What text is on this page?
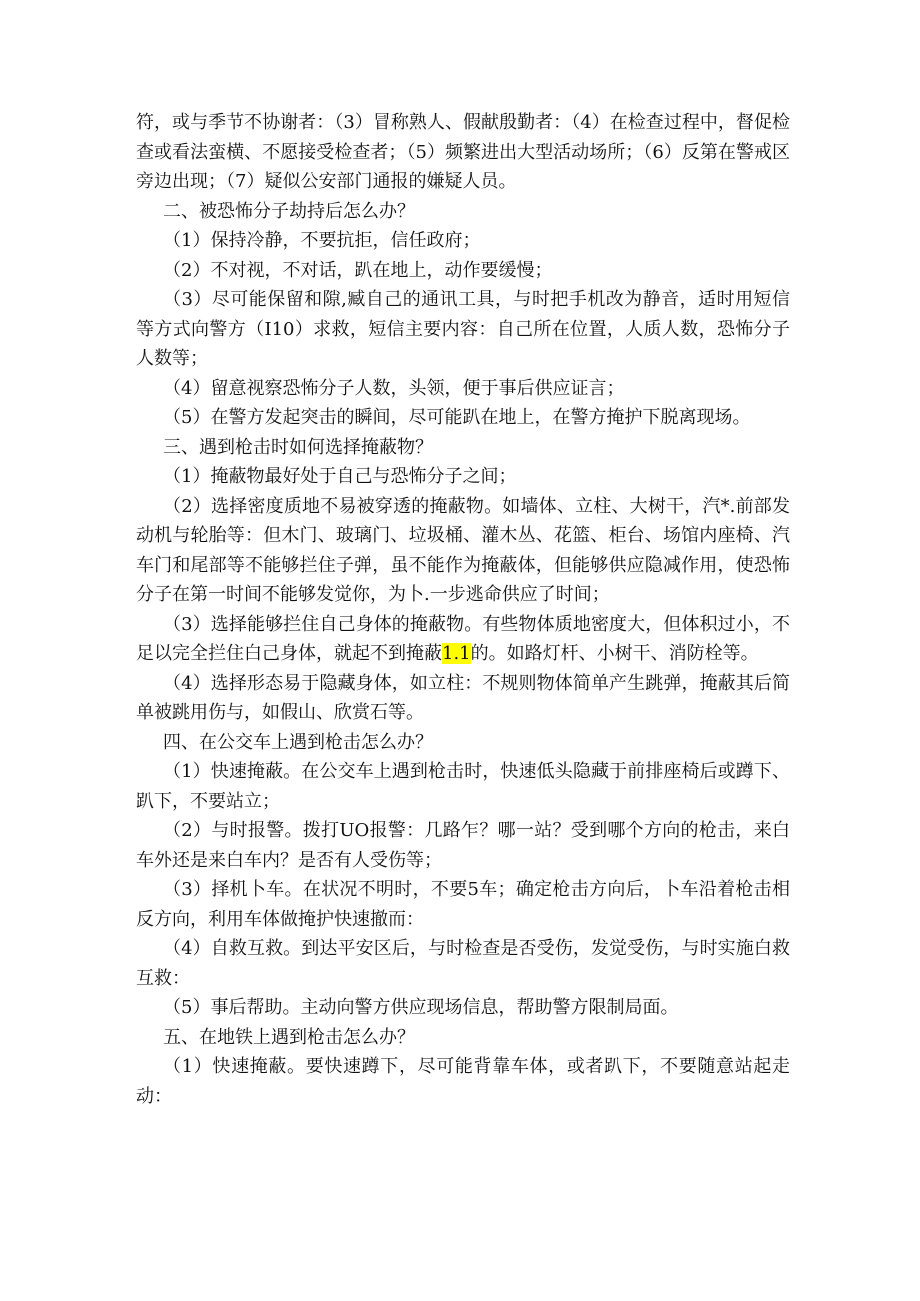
符，或与季节不协谢者：（3）冒称熟人、假献殷勤者：（4）在检查过程中，督促检查或看法蛮横、不愿接受检查者；（5）频繁进出大型活动场所；（6）反第在警戒区旁边出现；（7）疑似公安部门通报的嫌疑人员。

二、被恐怖分子劫持后怎么办？

（1）保持冷静，不要抗拒，信任政府；

（2）不对视，不对话，趴在地上，动作要缓慢；

（3）尽可能保留和隙,臧自己的通讯工具，与时把手机改为静音，适时用短信等方式向警方（I10）求救，短信主要内容：自己所在位置，人质人数，恐怖分子人数等；

（4）留意视察恐怖分子人数，头领，便于事后供应证言；

（5）在警方发起突击的瞬间，尽可能趴在地上，在警方掩护下脱离现场。

三、遇到枪击时如何选择掩蔽物？

（1）掩蔽物最好处于自己与恐怖分子之间；

（2）选择密度质地不易被穿透的掩蔽物。如墙体、立柱、大树干，汽*.前部发动机与轮胎等：但木门、玻璃门、垃圾桶、灌木丛、花篮、柜台、场馆内座椅、汽车门和尾部等不能够拦住子弹，虽不能作为掩蔽体，但能够供应隐减作用，使恐怖分子在第一时间不能够发觉你，为卜.一步逃命供应了时间；

（3）选择能够拦住自己身体的掩蔽物。有些物体质地密度大，但体积过小，不足以完全拦住白己身体，就起不到掩蔽1.1的。如路灯杆、小树干、消防栓等。

（4）选择形态易于隐藏身体，如立柱：不规则物体简单产生跳弹，掩蔽其后简单被跳用伤与，如假山、欣赏石等。

四、在公交车上遇到枪击怎么办？

（1）快速掩蔽。在公交车上遇到枪击时，快速低头隐藏于前排座椅后或蹲下、趴下，不要站立；

（2）与时报警。拨打UO报警：几路乍？哪一站？受到哪个方向的枪击，来白车外还是来白车内？是否有人受伤等；

（3）择机卜车。在状况不明时，不要5车；确定枪击方向后，卜车沿着枪击相反方向，利用车体做掩护快速撤而：

（4）自救互救。到达平安区后，与时检查是否受伤，发觉受伤，与时实施白救互救：

（5）事后帮助。主动向警方供应现场信息，帮助警方限制局面。

五、在地铁上遇到枪击怎么办？

（1）快速掩蔽。要快速蹲下，尽可能背靠车体，或者趴下，不要随意站起走动：
